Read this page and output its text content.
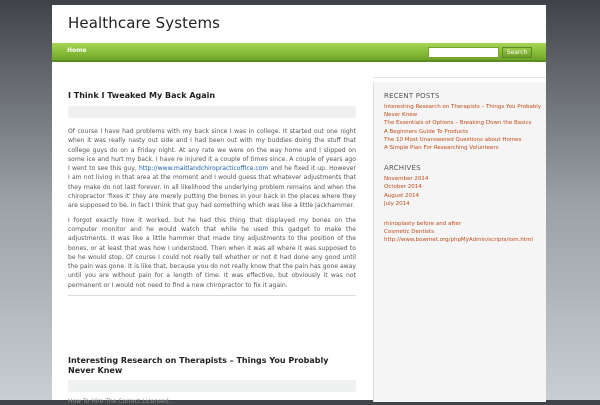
Healthcare Systems
Home	Search
I Think I Tweaked My Back Again

Of course I have had problems with my back since I was in college. It started out one night when it was really nasty out side and I had been out with my buddies doing the stuff that college guys do on a Friday night. At any rate we were on the way home and I slipped on some ice and hurt my back. I have re injured it a couple of times since. A couple of years ago I went to see this guy, http://www.maitlandchiropracticoffice.com and he fixed it up. However I am not living in that area at the moment and I would guess that whatever adjustments that they make do not last forever. In all likelihood the underlying problem remains and when the chiropractor 'fixes it' they are merely putting the bones in your back in the places where they are supposed to be. In fact I think that guy had something which was like a little jackhammer.

I forgot exactly how it worked, but he had this thing that displayed my bones on the computer monitor and he would watch that while he used this gadget to make the adjustments. It was like a little hammer that made tiny adjustments to the position of the bones, or at least that was how I understood. Then when it was all where it was supposed to be he would stop. Of course I could not really tell whether or not it had done any good until the pain was gone. It is like that, because you do not really know that the pain has gone away until you are without pain for a length of time. It was effective, but obviously it was not permanent or I would not need to find a new chiropractor to fix it again.

Interesting Research on Therapists – Things You Probably Never Knew
How To Hire The Correct Licensed...
RECENT POSTS
Interesting Research on Therapists – Things You Probably Never Knew
The Essentials of Options – Breaking Down the Basics
A Beginners Guide To Products
The 10 Most Unanswered Questions about Homes
A Simple Plan For Researching Volunteers
ARCHIVES
November 2014
October 2014
August 2014
July 2014
rhinoplasty before and after
Cosmetic Dentists
http://www.bowmet.org/phpMyAdmin/scripts/iom.html
